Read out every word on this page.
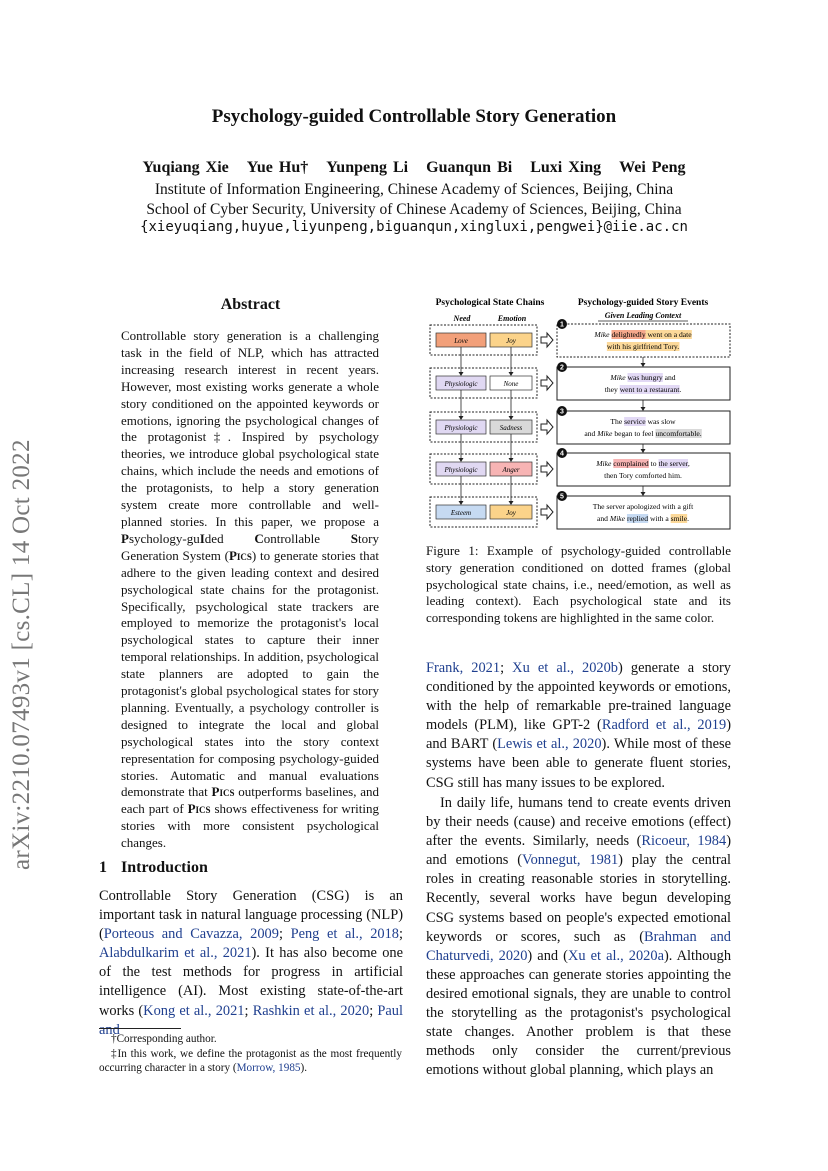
arXiv:2210.07493v1 [cs.CL] 14 Oct 2022
Psychology-guided Controllable Story Generation
Yuqiang Xie Yue Hu† Yunpeng Li Guanqun Bi Luxi Xing Wei Peng
Institute of Information Engineering, Chinese Academy of Sciences, Beijing, China
School of Cyber Security, University of Chinese Academy of Sciences, Beijing, China
{xieyuqiang,huyue,liyunpeng,biguanqun,xingluxi,pengwei}@iie.ac.cn
Abstract
Controllable story generation is a challenging task in the field of NLP, which has attracted increasing research interest in recent years. However, most existing works generate a whole story conditioned on the appointed keywords or emotions, ignoring the psychological changes of the protagonist‡. Inspired by psychology theories, we introduce global psychological state chains, which include the needs and emotions of the protagonists, to help a story generation system create more controllable and well-planned stories. In this paper, we propose a Psychology-guIded Controllable Story Generation System (Pics) to generate stories that adhere to the given leading context and desired psychological state chains for the protagonist. Specifically, psychological state trackers are employed to memorize the protagonist's local psychological states to capture their inner temporal relationships. In addition, psychological state planners are adopted to gain the protagonist's global psychological states for story planning. Eventually, a psychology controller is designed to integrate the local and global psychological states into the story context representation for composing psychology-guided stories. Automatic and manual evaluations demonstrate that Pics outperforms baselines, and each part of Pics shows effectiveness for writing stories with more consistent psychological changes.
1 Introduction
Controllable Story Generation (CSG) is an important task in natural language processing (NLP) (Porteous and Cavazza, 2009; Peng et al., 2018; Alabdulkarim et al., 2021). It has also become one of the test methods for progress in artificial intelligence (AI). Most existing state-of-the-art works (Kong et al., 2021; Rashkin et al., 2020; Paul and
†Corresponding author.
‡In this work, we define the protagonist as the most frequently occurring character in a story (Morrow, 1985).
Psychological State Chains	Psychology-guided Story Events
Need	Emotion	Given Leading Context
Love	Joy
1
Mike delightedly went on a date
with his girlfriend Tory.
Physiologic	None
2
Mike was hungry and
they went to a restaurant.
Physiologic	Sadness
3
The service was slow
and Mike began to feel uncomfortable.
Physiologic	Anger
4
Mike complained to the server,
then Tory comforted him.
Esteem	Joy
5
The server apologized with a gift
and Mike replied with a smile.
Figure 1: Example of psychology-guided controllable story generation conditioned on dotted frames (global psychological state chains, i.e., need/emotion, as well as leading context). Each psychological state and its corresponding tokens are highlighted in the same color.
Frank, 2021; Xu et al., 2020b) generate a story conditioned by the appointed keywords or emotions, with the help of remarkable pre-trained language models (PLM), like GPT-2 (Radford et al., 2019) and BART (Lewis et al., 2020). While most of these systems have been able to generate fluent stories, CSG still has many issues to be explored.
In daily life, humans tend to create events driven by their needs (cause) and receive emotions (effect) after the events. Similarly, needs (Ricoeur, 1984) and emotions (Vonnegut, 1981) play the central roles in creating reasonable stories in storytelling. Recently, several works have begun developing CSG systems based on people's expected emotional keywords or scores, such as (Brahman and Chaturvedi, 2020) and (Xu et al., 2020a). Although these approaches can generate stories appointing the desired emotional signals, they are unable to control the storytelling as the protagonist's psychological state changes. Another problem is that these methods only consider the current/previous emotions without global planning, which plays an
